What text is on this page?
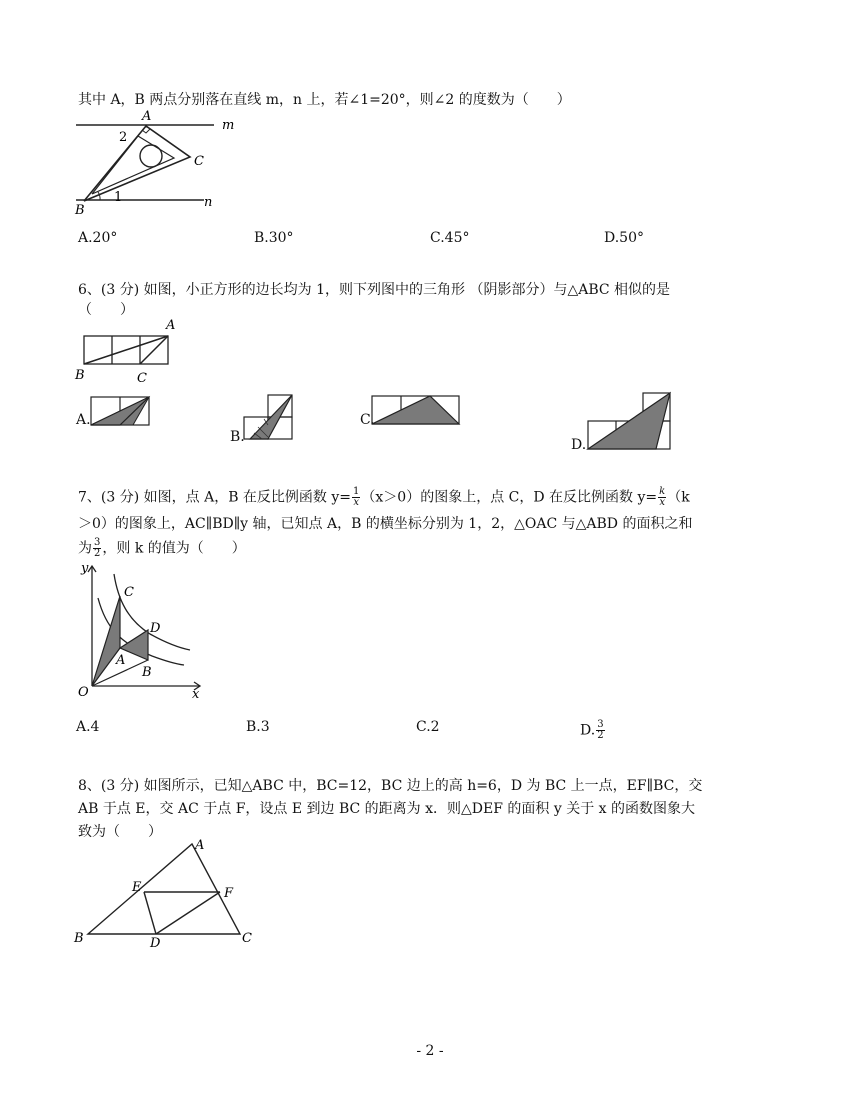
其中 A，B 两点分别落在直线 m，n 上，若∠1=20°，则∠2 的度数为（　　）
A
m
2
C
1	n
B
A.20°	B.30°	C.45°	D.50°
6、(3 分) 如图，小正方形的边长均为 1，则下列图中的三角形 （阴影部分）与△ABC 相似的是
（　　）
A
B	C
A.
B.
C.
D.
7、(3 分) 如图，点 A，B 在反比例函数 $y= \frac{1}{x} (x>0)$的图象上，点 C，D 在反比例函数 $y= \frac{k}{x} (k$
＞0）的图象上，AC∥BD∥y 轴，已知点 A，B 的横坐标分别为 1，2，△OAC 与△ABD 的面积之和
为 $\frac{3}{2}$ ，则 k 的值为（　　）
y
x
O
C
D
A
B
A.4	B.3	C.2	D. $\frac{3}{2}$
8、(3 分) 如图所示，已知△ABC 中，BC=12，BC 边上的高 h=6，D 为 BC 上一点，EF∥BC，交
AB 于点 E，交 AC 于点 F，设点 E 到边 BC 的距离为 x．则△DEF 的面积 y 关于 x 的函数图象大
致为（　　）
A
E	F
B	D	C
- 2 -
